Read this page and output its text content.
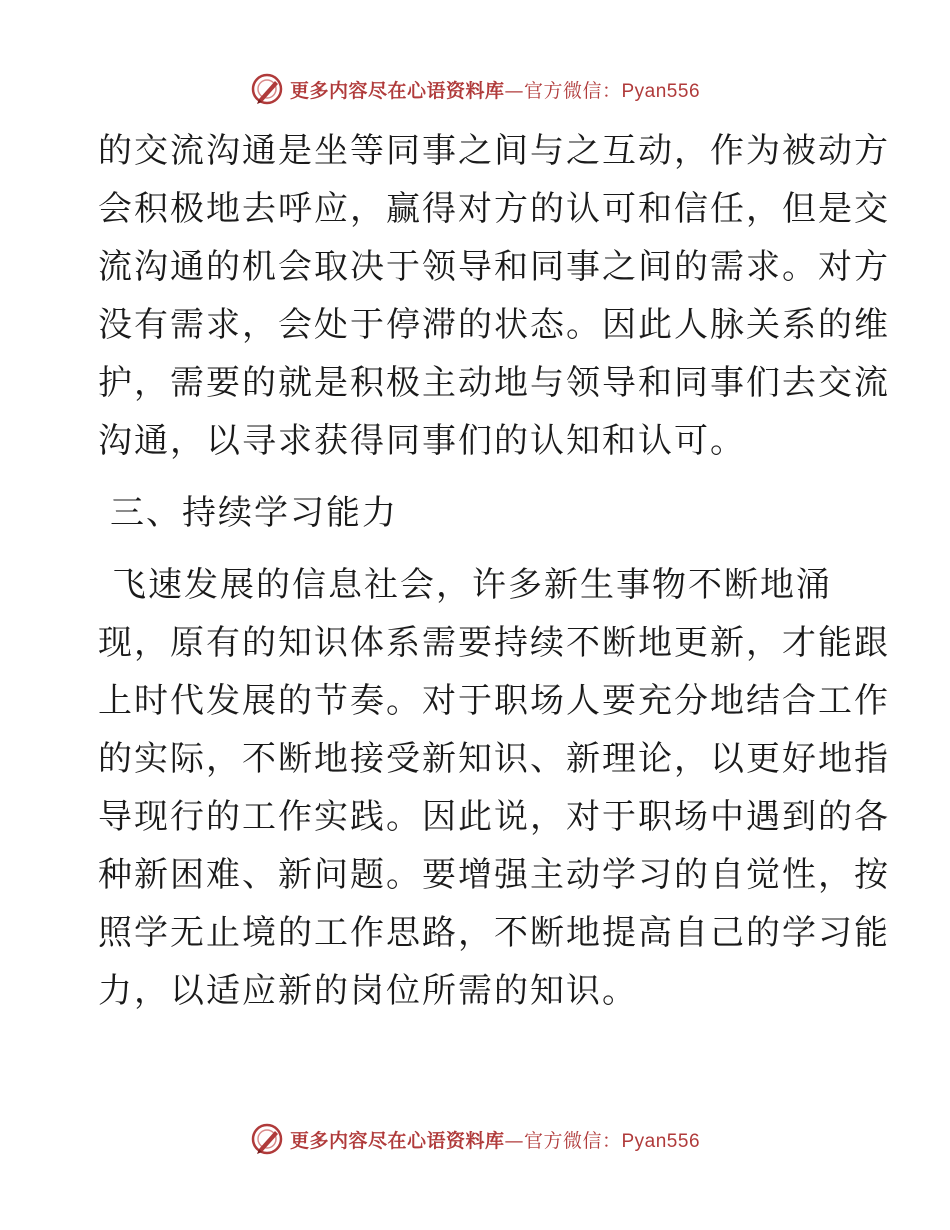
更多内容尽在心语资料库—官方微信：Pyan556
的交流沟通是坐等同事之间与之互动，作为被动方
会积极地去呼应，赢得对方的认可和信任，但是交
流沟通的机会取决于领导和同事之间的需求。对方
没有需求，会处于停滞的状态。因此人脉关系的维
护，需要的就是积极主动地与领导和同事们去交流
沟通，以寻求获得同事们的认知和认可。
三、持续学习能力
飞速发展的信息社会，许多新生事物不断地涌
现，原有的知识体系需要持续不断地更新，才能跟
上时代发展的节奏。对于职场人要充分地结合工作
的实际，不断地接受新知识、新理论，以更好地指
导现行的工作实践。因此说，对于职场中遇到的各
种新困难、新问题。要增强主动学习的自觉性，按
照学无止境的工作思路，不断地提高自己的学习能
力，以适应新的岗位所需的知识。
更多内容尽在心语资料库—官方微信：Pyan556
